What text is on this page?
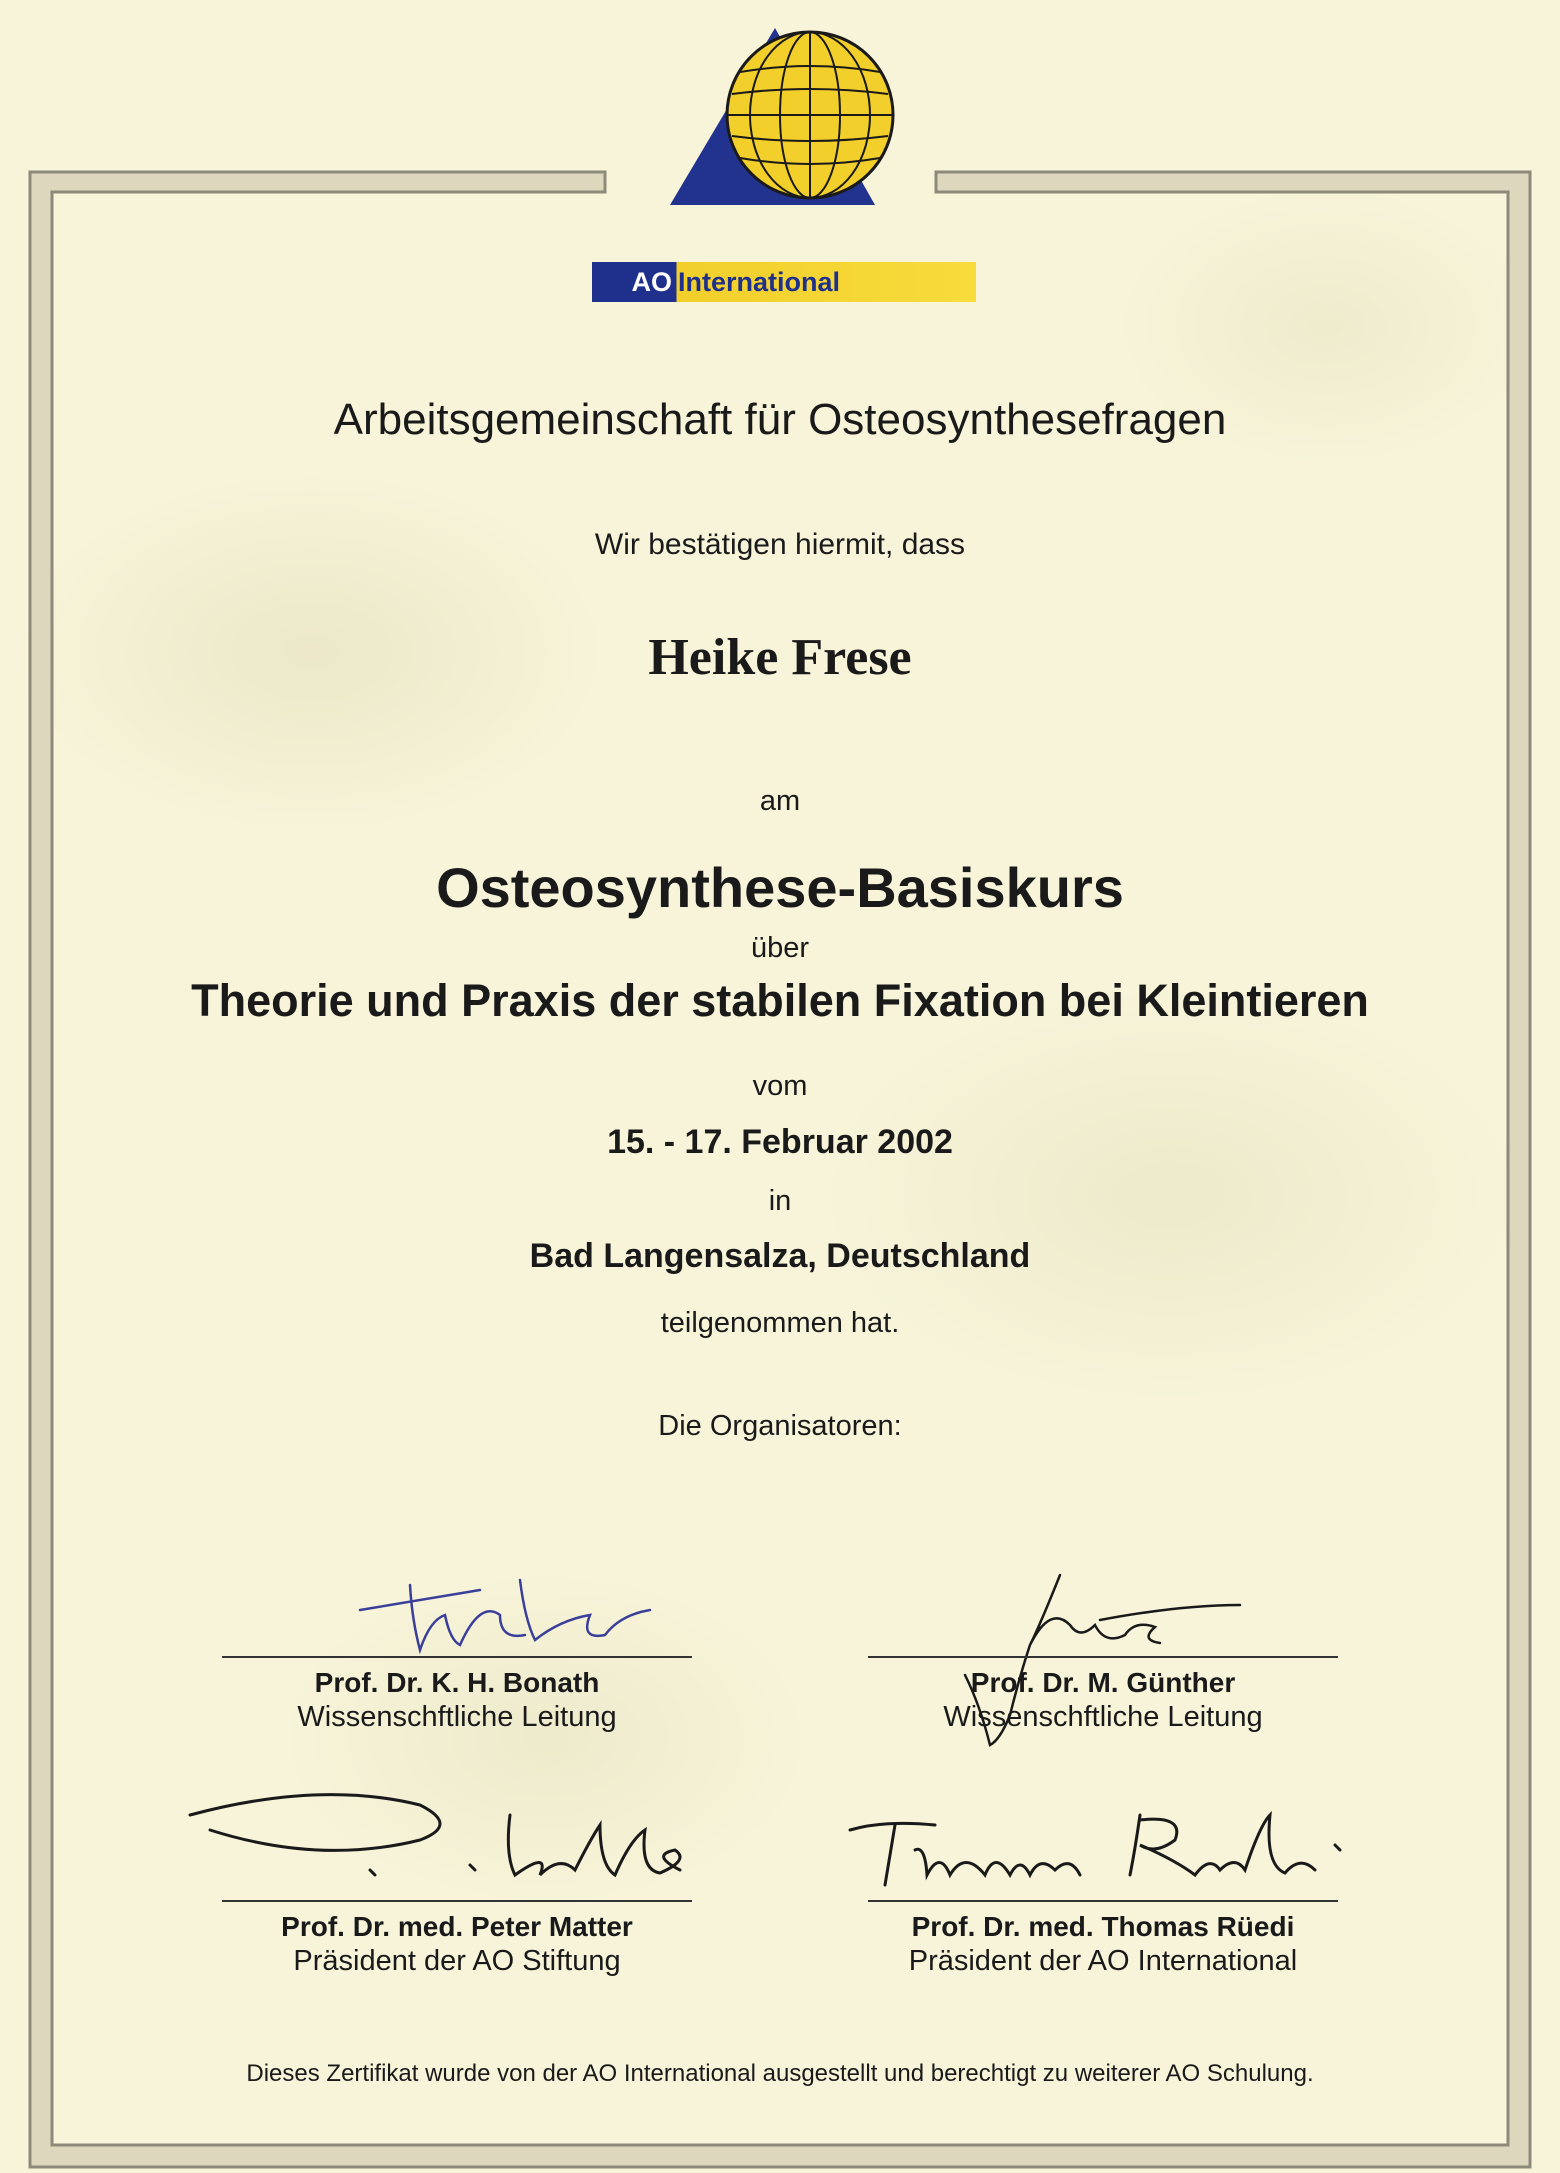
AO International
Arbeitsgemeinschaft für Osteosynthesefragen
Wir bestätigen hiermit, dass
Heike Frese
am
Osteosynthese-Basiskurs
über
Theorie und Praxis der stabilen Fixation bei Kleintieren
vom
15. - 17. Februar 2002
in
Bad Langensalza, Deutschland
teilgenommen hat.
Die Organisatoren:
Prof. Dr. K. H. Bonath
Wissenschftliche Leitung
Prof. Dr. M. Günther
Wissenschftliche Leitung
Prof. Dr. med. Peter Matter
Präsident der AO Stiftung
Prof. Dr. med. Thomas Rüedi
Präsident der AO International
Dieses Zertifikat wurde von der AO International ausgestellt und berechtigt zu weiterer AO Schulung.
